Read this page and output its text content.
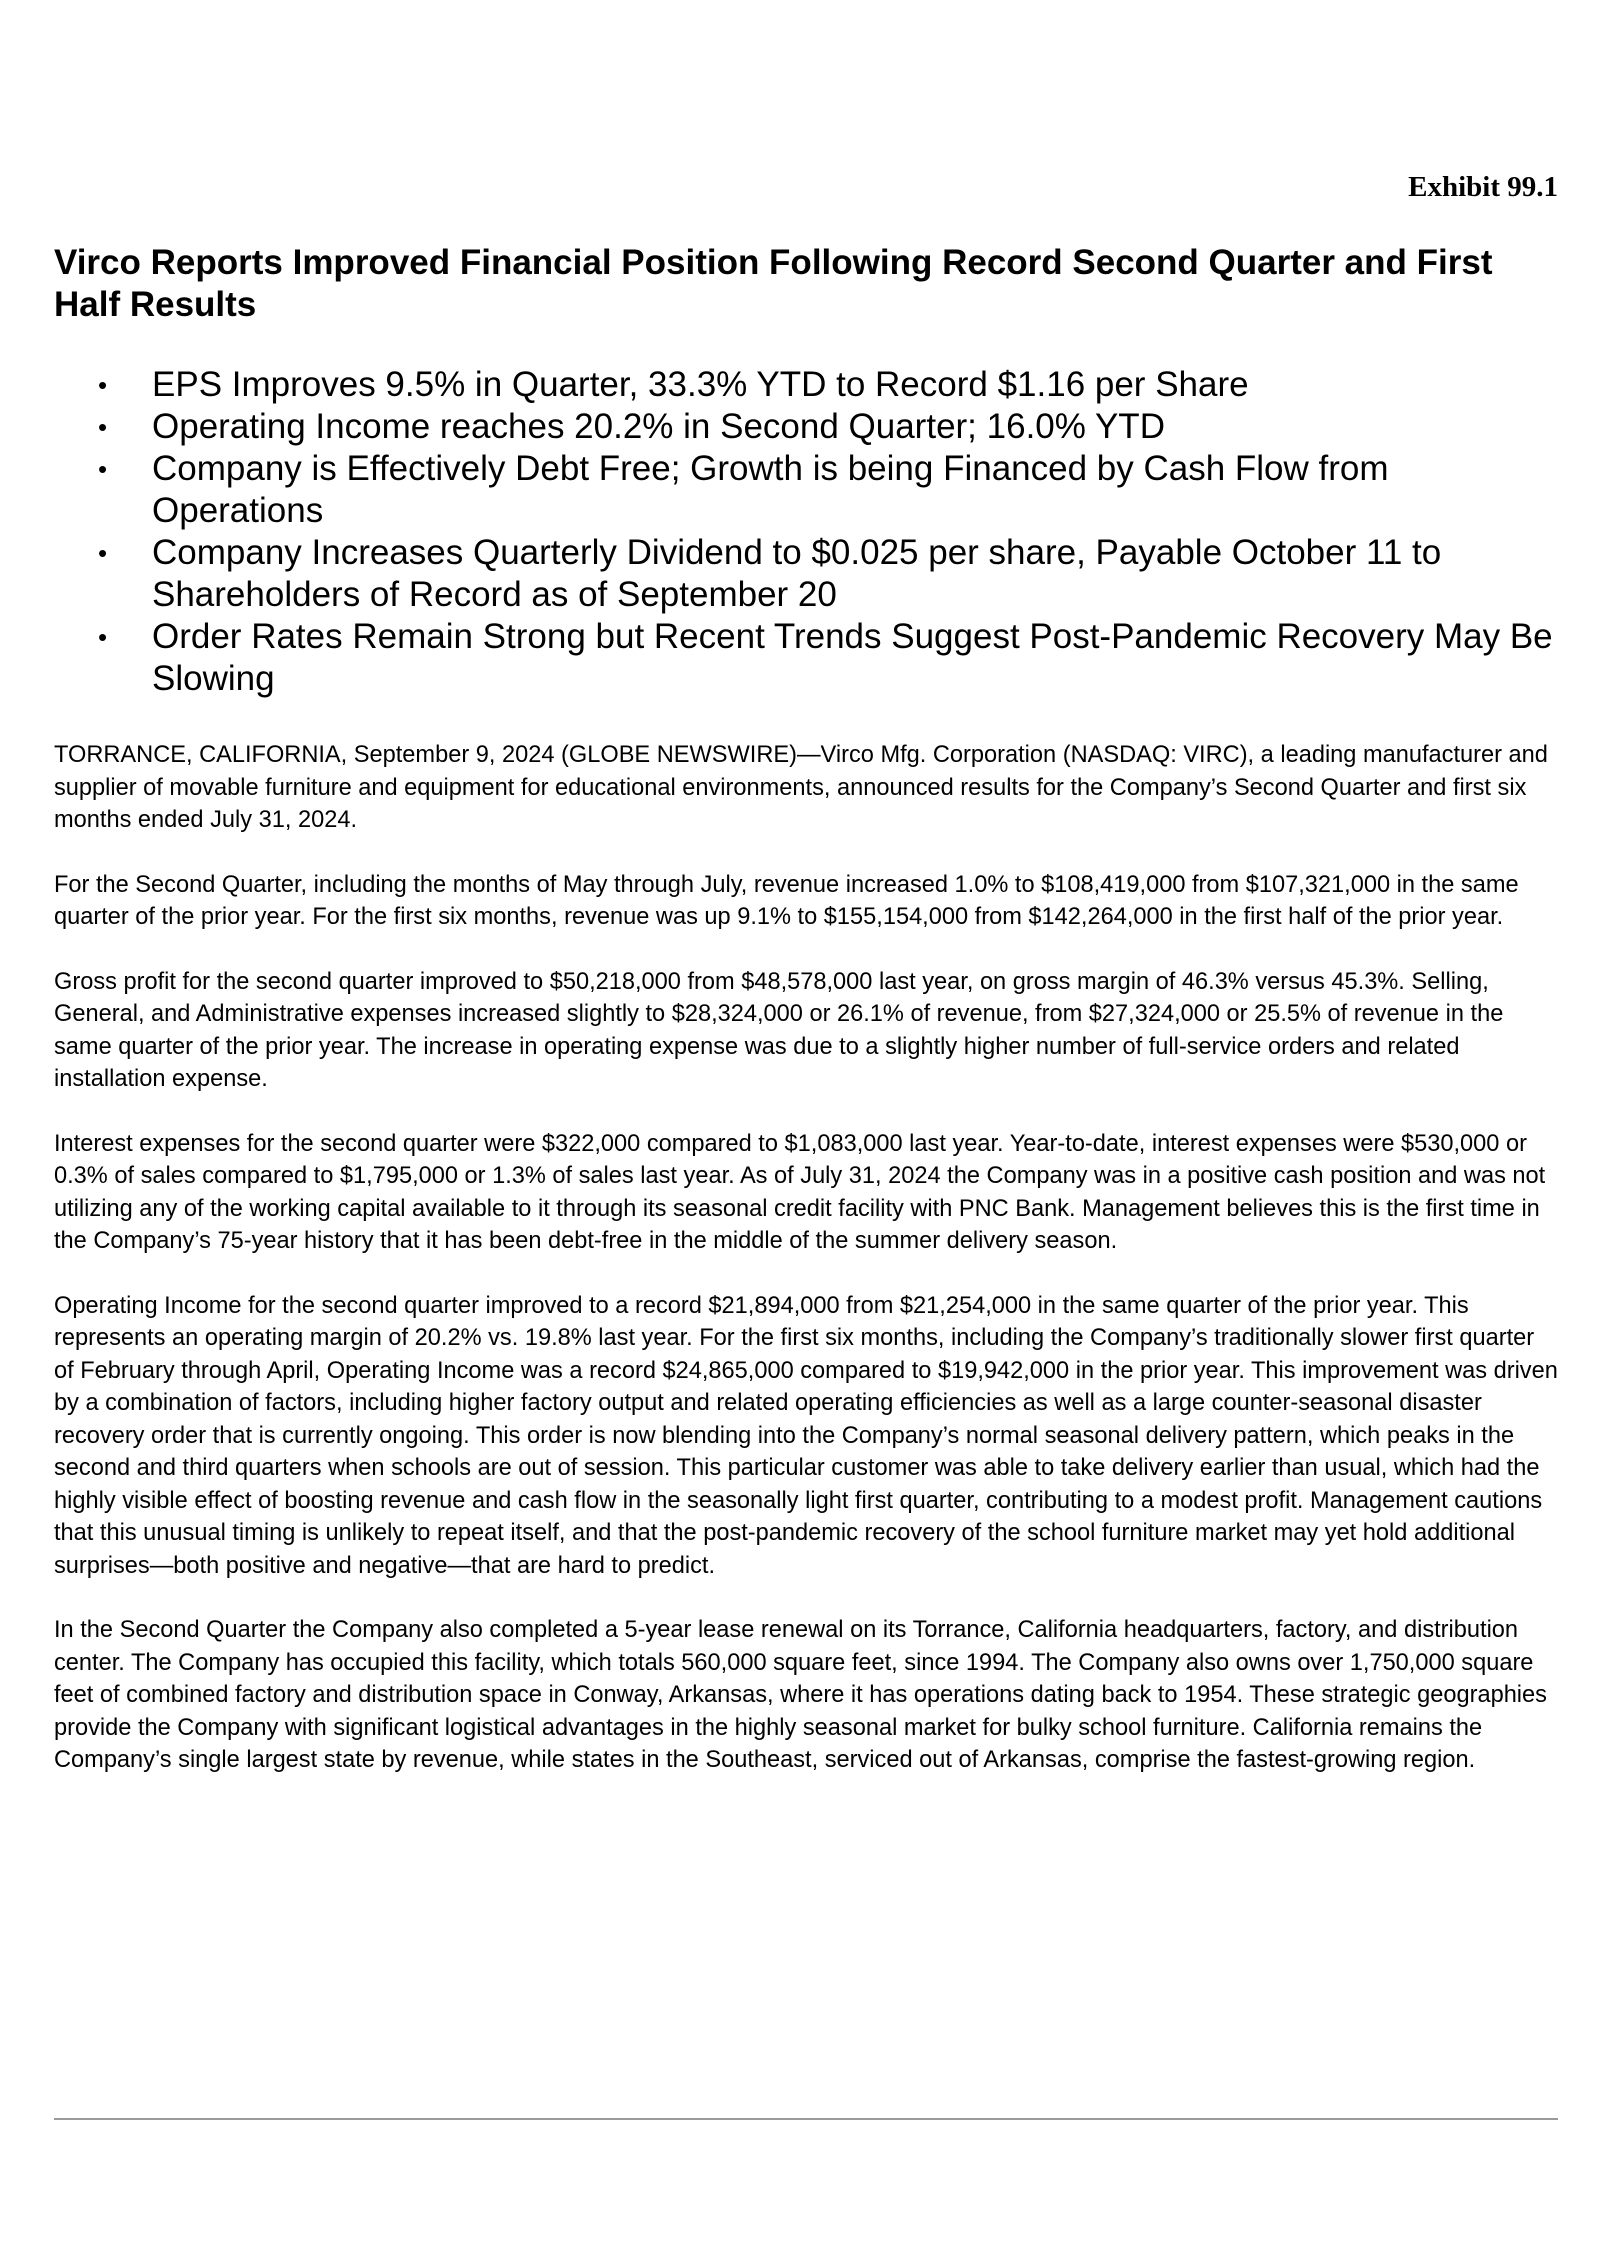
Exhibit 99.1
Virco Reports Improved Financial Position Following Record Second Quarter and First Half Results
• EPS Improves 9.5% in Quarter, 33.3% YTD to Record $1.16 per Share
• Operating Income reaches 20.2% in Second Quarter; 16.0% YTD
• Company is Effectively Debt Free; Growth is being Financed by Cash Flow from Operations
• Company Increases Quarterly Dividend to $0.025 per share, Payable October 11 to Shareholders of Record as of September 20
• Order Rates Remain Strong but Recent Trends Suggest Post-Pandemic Recovery May Be Slowing

TORRANCE, CALIFORNIA, September 9, 2024 (GLOBE NEWSWIRE)—Virco Mfg. Corporation (NASDAQ: VIRC), a leading manufacturer and supplier of movable furniture and equipment for educational environments, announced results for the Company’s Second Quarter and first six months ended July 31, 2024.

For the Second Quarter, including the months of May through July, revenue increased 1.0% to $108,419,000 from $107,321,000 in the same quarter of the prior year. For the first six months, revenue was up 9.1% to $155,154,000 from $142,264,000 in the first half of the prior year.

Gross profit for the second quarter improved to $50,218,000 from $48,578,000 last year, on gross margin of 46.3% versus 45.3%. Selling, General, and Administrative expenses increased slightly to $28,324,000 or 26.1% of revenue, from $27,324,000 or 25.5% of revenue in the same quarter of the prior year. The increase in operating expense was due to a slightly higher number of full-service orders and related installation expense.

Interest expenses for the second quarter were $322,000 compared to $1,083,000 last year. Year-to-date, interest expenses were $530,000 or 0.3% of sales compared to $1,795,000 or 1.3% of sales last year. As of July 31, 2024 the Company was in a positive cash position and was not utilizing any of the working capital available to it through its seasonal credit facility with PNC Bank. Management believes this is the first time in the Company’s 75-year history that it has been debt-free in the middle of the summer delivery season.

Operating Income for the second quarter improved to a record $21,894,000 from $21,254,000 in the same quarter of the prior year. This represents an operating margin of 20.2% vs. 19.8% last year. For the first six months, including the Company’s traditionally slower first quarter of February through April, Operating Income was a record $24,865,000 compared to $19,942,000 in the prior year. This improvement was driven by a combination of factors, including higher factory output and related operating efficiencies as well as a large counter-seasonal disaster recovery order that is currently ongoing. This order is now blending into the Company’s normal seasonal delivery pattern, which peaks in the second and third quarters when schools are out of session. This particular customer was able to take delivery earlier than usual, which had the highly visible effect of boosting revenue and cash flow in the seasonally light first quarter, contributing to a modest profit. Management cautions that this unusual timing is unlikely to repeat itself, and that the post-pandemic recovery of the school furniture market may yet hold additional surprises—both positive and negative—that are hard to predict.

In the Second Quarter the Company also completed a 5-year lease renewal on its Torrance, California headquarters, factory, and distribution center. The Company has occupied this facility, which totals 560,000 square feet, since 1994. The Company also owns over 1,750,000 square feet of combined factory and distribution space in Conway, Arkansas, where it has operations dating back to 1954. These strategic geographies provide the Company with significant logistical advantages in the highly seasonal market for bulky school furniture. California remains the Company’s single largest state by revenue, while states in the Southeast, serviced out of Arkansas, comprise the fastest-growing region.
